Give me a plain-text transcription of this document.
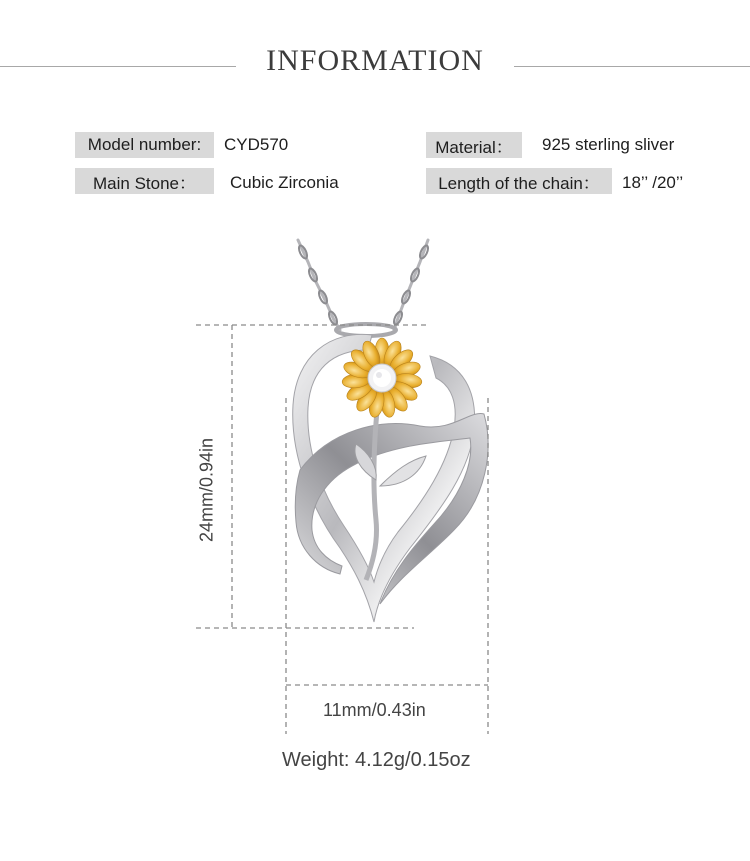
INFORMATION
Model number:	CYD570	Material：	925 sterling sliver
Main Stone：	Cubic Zirconia	Length of the chain：	18’’ /20’’
24mm/0.94in
11mm/0.43in
Weight: 4.12g/0.15oz
